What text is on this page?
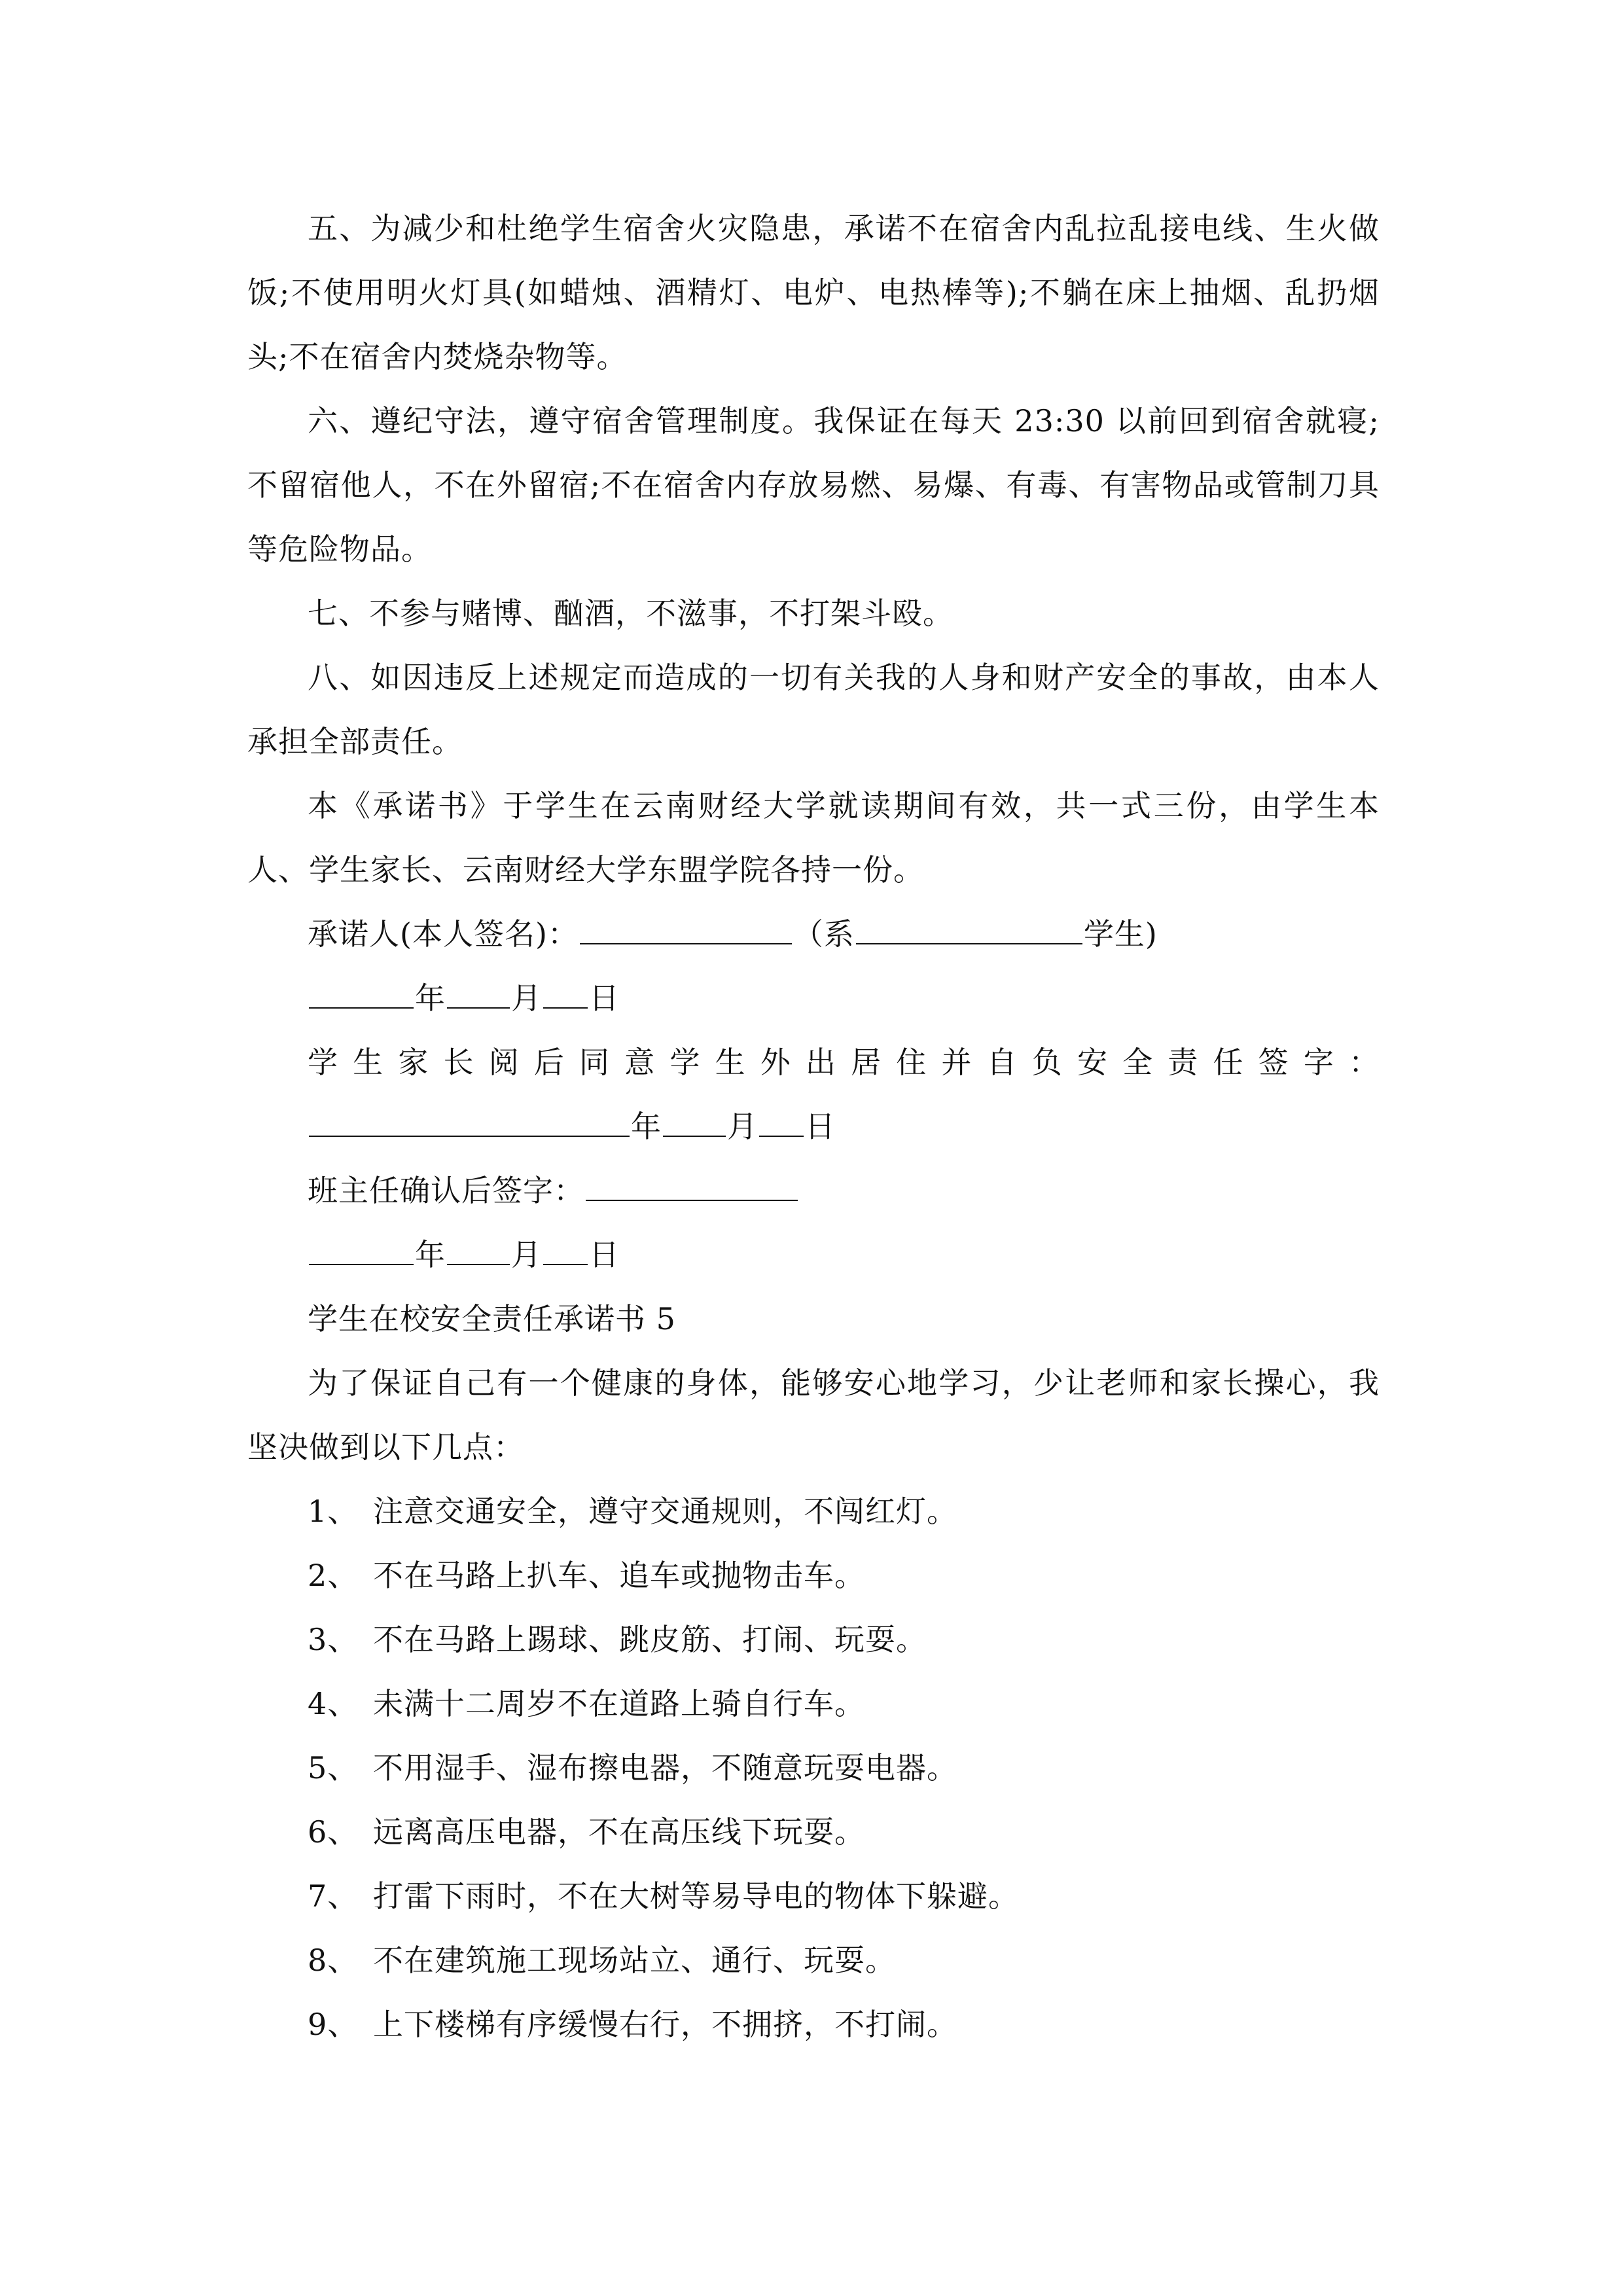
五、为减少和杜绝学生宿舍火灾隐患，承诺不在宿舍内乱拉乱接电线、生火做饭;不使用明火灯具(如蜡烛、酒精灯、电炉、电热棒等);不躺在床上抽烟、乱扔烟头;不在宿舍内焚烧杂物等。

六、遵纪守法，遵守宿舍管理制度。我保证在每天 23:30 以前回到宿舍就寝;不留宿他人，不在外留宿;不在宿舍内存放易燃、易爆、有毒、有害物品或管制刀具等危险物品。

七、不参与赌博、酗酒，不滋事，不打架斗殴。

八、如因违反上述规定而造成的一切有关我的人身和财产安全的事故，由本人承担全部责任。

本《承诺书》于学生在云南财经大学就读期间有效，共一式三份，由学生本人、学生家长、云南财经大学东盟学院各持一份。

承诺人(本人签名)：	（系	学生)

年 月 日

学生家长阅后同意学生外出居住并自负安全责任签字：

年 月 日

班主任确认后签字：

年 月 日

学生在校安全责任承诺书 5

为了保证自己有一个健康的身体，能够安心地学习，少让老师和家长操心，我坚决做到以下几点：

1、 注意交通安全，遵守交通规则，不闯红灯。

2、 不在马路上扒车、追车或抛物击车。

3、 不在马路上踢球、跳皮筋、打闹、玩耍。

4、 未满十二周岁不在道路上骑自行车。

5、 不用湿手、湿布擦电器，不随意玩耍电器。

6、 远离高压电器，不在高压线下玩耍。

7、 打雷下雨时，不在大树等易导电的物体下躲避。

8、 不在建筑施工现场站立、通行、玩耍。

9、 上下楼梯有序缓慢右行，不拥挤，不打闹。
